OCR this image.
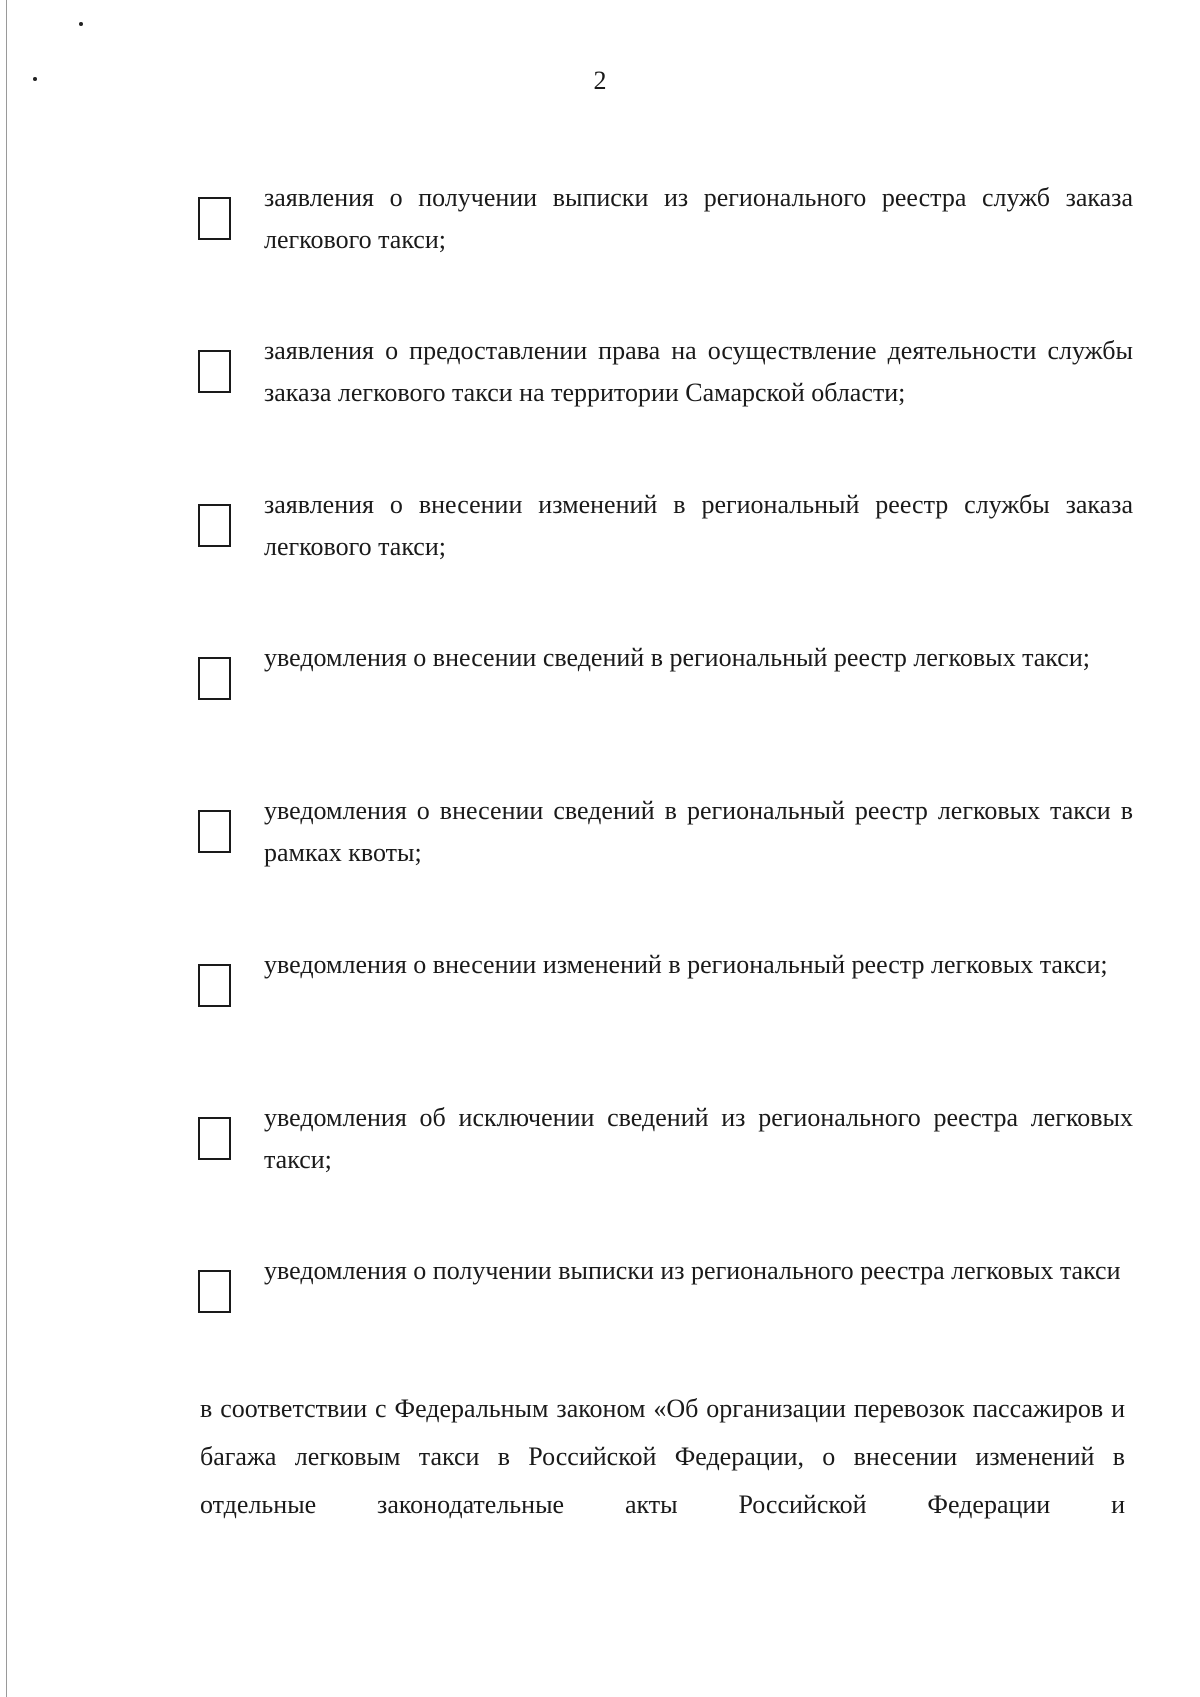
2
заявления о получении выписки из регионального реестра служб заказа легкового такси;
заявления о предоставлении права на осуществление деятельности службы заказа легкового такси на территории Самарской области;
заявления о внесении изменений в региональный реестр службы заказа легкового такси;
уведомления о внесении сведений в региональный реестр легковых такси;
уведомления о внесении сведений в региональный реестр легковых такси в рамках квоты;
уведомления о внесении изменений в региональный реестр легковых такси;
уведомления об исключении сведений из регионального реестра легковых такси;
уведомления о получении выписки из регионального реестра легковых такси
в соответствии с Федеральным законом «Об организации перевозок пассажиров и багажа легковым такси в Российской Федерации, о внесении изменений в отдельные законодательные акты Российской Федерации и
